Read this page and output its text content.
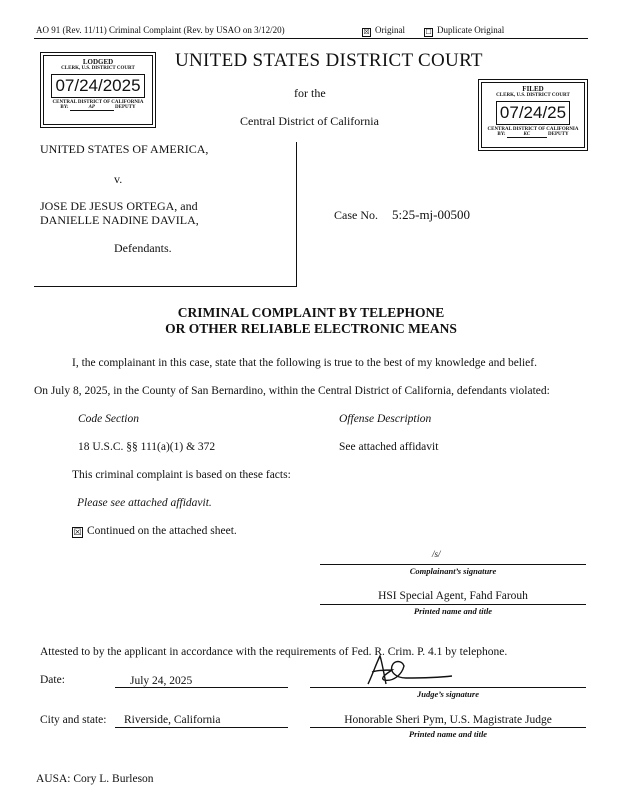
AO 91 (Rev. 11/11) Criminal Complaint (Rev. by USAO on 3/12/20)	☒ Original	☐ Duplicate Original
LODGED
CLERK, U.S. DISTRICT COURT
07/24/2025
CENTRAL DISTRICT OF CALIFORNIA
BY:	AP	DEPUTY
FILED
CLERK, U.S. DISTRICT COURT
07/24/25
CENTRAL DISTRICT OF CALIFORNIA
BY:	KC	DEPUTY
UNITED STATES DISTRICT COURT
for the
Central District of California
UNITED STATES OF AMERICA,
v.
JOSE DE JESUS ORTEGA, and
DANIELLE NADINE DAVILA,
Defendants.
Case No. 5:25-mj-00500
CRIMINAL COMPLAINT BY TELEPHONE
OR OTHER RELIABLE ELECTRONIC MEANS
I, the complainant in this case, state that the following is true to the best of my knowledge and belief.
On July 8, 2025, in the County of San Bernardino, within the Central District of California, defendants violated:
Code Section	Offense Description
18 U.S.C. §§ 111(a)(1) & 372	See attached affidavit
This criminal complaint is based on these facts:
Please see attached affidavit.
☒ Continued on the attached sheet.
/s/
Complainant’s signature
HSI Special Agent, Fahd Farouh
Printed name and title
Attested to by the applicant in accordance with the requirements of Fed. R. Crim. P. 4.1 by telephone.
Date:	July 24, 2025
Judge’s signature
City and state: Riverside, California	Honorable Sheri Pym, U.S. Magistrate Judge
Printed name and title
AUSA: Cory L. Burleson
